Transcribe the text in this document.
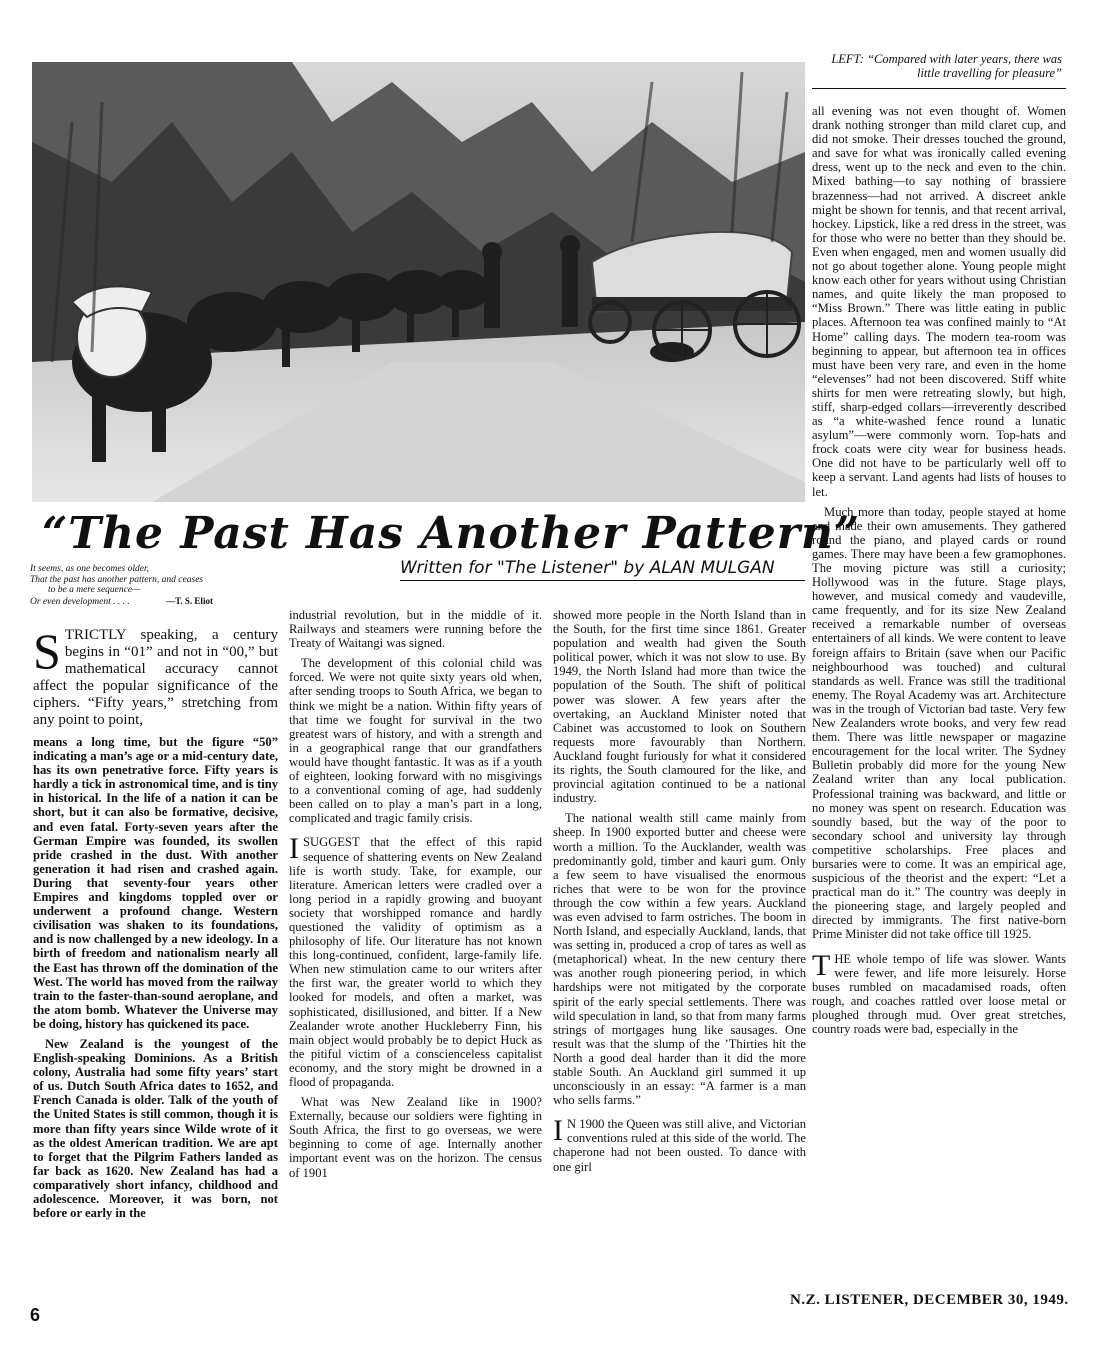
LEFT: “Compared with later years, there was little travelling for pleasure”
“The Past Has Another Pattern”
Written for "The Listener" by ALAN MULGAN
It seems, as one becomes older,
That the past has another pattern, and ceases
to be a mere sequence—
Or even development . . . .	—T. S. Eliot

STRICTLY speaking, a century begins in “01” and not in “00,” but mathematical accuracy cannot affect the popular significance of the ciphers. “Fifty years,” stretching from any point to point,

means a long time, but the figure “50” indicating a man’s age or a mid-century date, has its own penetrative force. Fifty years is hardly a tick in astronomical time, and is tiny in historical. In the life of a nation it can be short, but it can also be formative, decisive, and even fatal. Forty-seven years after the German Empire was founded, its swollen pride crashed in the dust. With another generation it had risen and crashed again. During that seventy-four years other Empires and kingdoms toppled over or underwent a profound change. Western civilisation was shaken to its foundations, and is now challenged by a new ideology. In a birth of freedom and nationalism nearly all the East has thrown off the domination of the West. The world has moved from the railway train to the faster-than-sound aeroplane, and the atom bomb. Whatever the Universe may be doing, history has quickened its pace.

New Zealand is the youngest of the English-speaking Dominions. As a British colony, Australia had some fifty years’ start of us. Dutch South Africa dates to 1652, and French Canada is older. Talk of the youth of the United States is still common, though it is more than fifty years since Wilde wrote of it as the oldest American tradition. We are apt to forget that the Pilgrim Fathers landed as far back as 1620. New Zealand has had a comparatively short infancy, childhood and adolescence. Moreover, it was born, not before or early in the

industrial revolution, but in the middle of it. Railways and steamers were running before the Treaty of Waitangi was signed.

The development of this colonial child was forced. We were not quite sixty years old when, after sending troops to South Africa, we began to think we might be a nation. Within fifty years of that time we fought for survival in the two greatest wars of history, and with a strength and in a geographical range that our grandfathers would have thought fantastic. It was as if a youth of eighteen, looking forward with no misgivings to a conventional coming of age, had suddenly been called on to play a man’s part in a long, complicated and tragic family crisis.

ISUGGEST that the effect of this rapid sequence of shattering events on New Zealand life is worth study. Take, for example, our literature. American letters were cradled over a long period in a rapidly growing and buoyant society that worshipped romance and hardly questioned the validity of optimism as a philosophy of life. Our literature has not known this long-continued, confident, large-family life. When new stimulation came to our writers after the first war, the greater world to which they looked for models, and often a market, was sophisticated, disillusioned, and bitter. If a New Zealander wrote another Huckleberry Finn, his main object would probably be to depict Huck as the pitiful victim of a conscienceless capitalist economy, and the story might be drowned in a flood of propaganda.

What was New Zealand like in 1900? Externally, because our soldiers were fighting in South Africa, the first to go overseas, we were beginning to come of age. Internally another important event was on the horizon. The census of 1901

showed more people in the North Island than in the South, for the first time since 1861. Greater population and wealth had given the South political power, which it was not slow to use. By 1949, the North Island had more than twice the population of the South. The shift of political power was slower. A few years after the overtaking, an Auckland Minister noted that Cabinet was accustomed to look on Southern requests more favourably than Northern. Auckland fought furiously for what it considered its rights, the South clamoured for the like, and provincial agitation continued to be a national industry.

The national wealth still came mainly from sheep. In 1900 exported butter and cheese were worth a million. To the Aucklander, wealth was predominantly gold, timber and kauri gum. Only a few seem to have visualised the enormous riches that were to be won for the province through the cow within a few years. Auckland was even advised to farm ostriches. The boom in North Island, and especially Auckland, lands, that was setting in, produced a crop of tares as well as (metaphorical) wheat. In the new century there was another rough pioneering period, in which hardships were not mitigated by the corporate spirit of the early special settlements. There was wild speculation in land, so that from many farms strings of mortgages hung like sausages. One result was that the slump of the ’Thirties hit the North a good deal harder than it did the more stable South. An Auckland girl summed it up unconsciously in an essay: “A farmer is a man who sells farms.”

I N 1900 the Queen was still alive, and Victorian conventions ruled at this side of the world. The chaperone had not been ousted. To dance with one girl

all evening was not even thought of. Women drank nothing stronger than mild claret cup, and did not smoke. Their dresses touched the ground, and save for what was ironically called evening dress, went up to the neck and even to the chin. Mixed bathing—to say nothing of brassiere brazenness—had not arrived. A discreet ankle might be shown for tennis, and that recent arrival, hockey. Lipstick, like a red dress in the street, was for those who were no better than they should be. Even when engaged, men and women usually did not go about together alone. Young people might know each other for years without using Christian names, and quite likely the man proposed to “Miss Brown.” There was little eating in public places. Afternoon tea was confined mainly to “At Home” calling days. The modern tea-room was beginning to appear, but afternoon tea in offices must have been very rare, and even in the home “elevenses” had not been discovered. Stiff white shirts for men were retreating slowly, but high, stiff, sharp-edged collars—irreverently described as “a white-washed fence round a lunatic asylum”—were commonly worn. Top-hats and frock coats were city wear for business heads. One did not have to be particularly well off to keep a servant. Land agents had lists of houses to let.

Much more than today, people stayed at home and made their own amusements. They gathered round the piano, and played cards or round games. There may have been a few gramophones. The moving picture was still a curiosity; Hollywood was in the future. Stage plays, however, and musical comedy and vaudeville, came frequently, and for its size New Zealand received a remarkable number of overseas entertainers of all kinds. We were content to leave foreign affairs to Britain (save when our Pacific neighbourhood was touched) and cultural standards as well. France was still the traditional enemy. The Royal Academy was art. Architecture was in the trough of Victorian bad taste. Very few New Zealanders wrote books, and very few read them. There was little newspaper or magazine encouragement for the local writer. The Sydney Bulletin probably did more for the young New Zealand writer than any local publication. Professional training was backward, and little or no money was spent on research. Education was soundly based, but the way of the poor to secondary school and university lay through competitive scholarships. Free places and bursaries were to come. It was an empirical age, suspicious of the theorist and the expert: “Let a practical man do it.” The country was deeply in the pioneering stage, and largely peopled and directed by immigrants. The first native-born Prime Minister did not take office till 1925.

THE whole tempo of life was slower. Wants were fewer, and life more leisurely. Horse buses rumbled on macadamised roads, often rough, and coaches rattled over loose metal or ploughed through mud. Over great stretches, country roads were bad, especially in the

6
N.Z. LISTENER, DECEMBER 30, 1949.
